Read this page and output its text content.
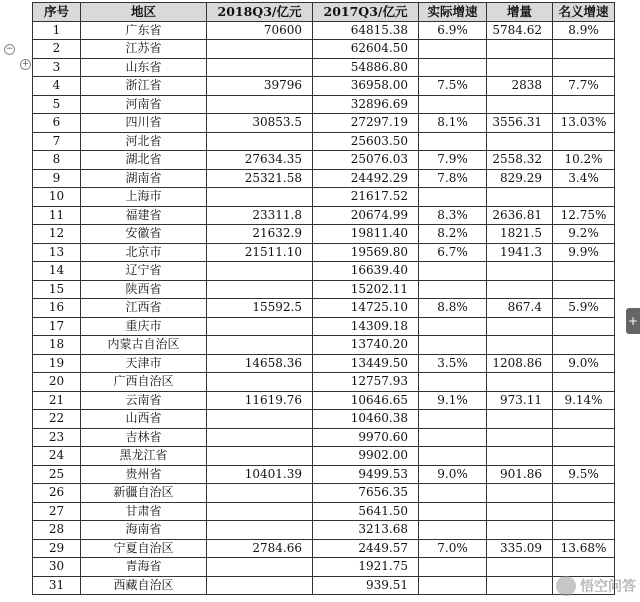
序号	地区	2018Q3/亿元	2017Q3/亿元	实际增速	增量	名义增速
1	广东省	70600	64815.38	6.9%	5784.62	8.9%
2	江苏省		62604.50			
3	山东省		54886.80			
4	浙江省	39796	36958.00	7.5%	2838	7.7%
5	河南省		32896.69			
6	四川省	30853.5	27297.19	8.1%	3556.31	13.03%
7	河北省		25603.50			
8	湖北省	27634.35	25076.03	7.9%	2558.32	10.2%
9	湖南省	25321.58	24492.29	7.8%	829.29	3.4%
10	上海市		21617.52			
11	福建省	23311.8	20674.99	8.3%	2636.81	12.75%
12	安徽省	21632.9	19811.40	8.2%	1821.5	9.2%
13	北京市	21511.10	19569.80	6.7%	1941.3	9.9%
14	辽宁省		16639.40			
15	陕西省		15202.11			
16	江西省	15592.5	14725.10	8.8%	867.4	5.9%
17	重庆市		14309.18			
18	内蒙古自治区		13740.20			
19	天津市	14658.36	13449.50	3.5%	1208.86	9.0%
20	广西自治区		12757.93			
21	云南省	11619.76	10646.65	9.1%	973.11	9.14%
22	山西省		10460.38			
23	吉林省		9970.60			
24	黑龙江省		9902.00			
25	贵州省	10401.39	9499.53	9.0%	901.86	9.5%
26	新疆自治区		7656.35			
27	甘肃省		5641.50			
28	海南省		3213.68			
29	宁夏自治区	2784.66	2449.57	7.0%	335.09	13.68%
30	青海省		1921.75			
31	西藏自治区		939.51			
−
+
+
悟空问答
